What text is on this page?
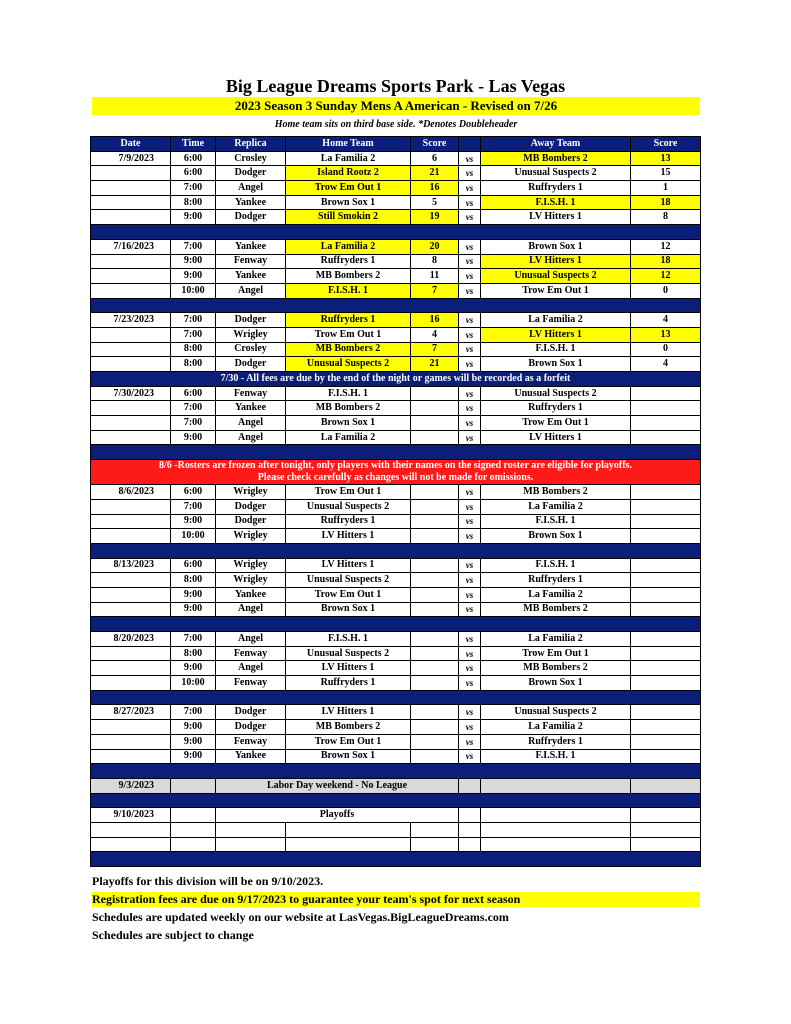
Big League Dreams Sports Park - Las Vegas
2023 Season 3 Sunday Mens A American - Revised on 7/26
Home team sits on third base side. *Denotes Doubleheader
Date	Time	Replica	Home Team	Score		Away Team	Score
7/9/2023	6:00	Crosley	La Familia 2	6	vs	MB Bombers 2	13
	6:00	Dodger	Island Rootz 2	21	vs	Unusual Suspects 2	15
	7:00	Angel	Trow Em Out 1	16	vs	Ruffryders 1	1
	8:00	Yankee	Brown Sox 1	5	vs	F.I.S.H. 1	18
	9:00	Dodger	Still Smokin 2	19	vs	LV Hitters 1	8

7/16/2023	7:00	Yankee	La Familia 2	20	vs	Brown Sox 1	12
	9:00	Fenway	Ruffryders 1	8	vs	LV Hitters 1	18
	9:00	Yankee	MB Bombers 2	11	vs	Unusual Suspects 2	12
	10:00	Angel	F.I.S.H. 1	7	vs	Trow Em Out 1	0

7/23/2023	7:00	Dodger	Ruffryders 1	16	vs	La Familia 2	4
	7:00	Wrigley	Trow Em Out 1	4	vs	LV Hitters 1	13
	8:00	Crosley	MB Bombers 2	7	vs	F.I.S.H. 1	0
	8:00	Dodger	Unusual Suspects 2	21	vs	Brown Sox 1	4
7/30 - All fees are due by the end of the night or games will be recorded as a forfeit							
7/30/2023	6:00	Fenway	F.I.S.H. 1		vs	Unusual Suspects 2	
	7:00	Yankee	MB Bombers 2		vs	Ruffryders 1	
	7:00	Angel	Brown Sox 1		vs	Trow Em Out 1	
	9:00	Angel	La Familia 2		vs	LV Hitters 1	

8/6 -Rosters are frozen after tonight, only players with their names on the signed roster are eligible for playoffs.
Please check carefully as changes will not be made for omissions.							

8/6/2023	6:00	Wrigley	Trow Em Out 1		vs	MB Bombers 2	
	7:00	Dodger	Unusual Suspects 2		vs	La Familia 2	
	9:00	Dodger	Ruffryders 1		vs	F.I.S.H. 1	
	10:00	Wrigley	LV Hitters 1		vs	Brown Sox 1	

8/13/2023	6:00	Wrigley	LV Hitters 1		vs	F.I.S.H. 1	
	8:00	Wrigley	Unusual Suspects 2		vs	Ruffryders 1	
	9:00	Yankee	Trow Em Out 1		vs	La Familia 2	
	9:00	Angel	Brown Sox 1		vs	MB Bombers 2	

8/20/2023	7:00	Angel	F.I.S.H. 1		vs	La Familia 2	
	8:00	Fenway	Unusual Suspects 2		vs	Trow Em Out 1	
	9:00	Angel	LV Hitters 1		vs	MB Bombers 2	
	10:00	Fenway	Ruffryders 1		vs	Brown Sox 1	

8/27/2023	7:00	Dodger	LV Hitters 1		vs	Unusual Suspects 2	
	9:00	Dodger	MB Bombers 2		vs	La Familia 2	
	9:00	Fenway	Trow Em Out 1		vs	Ruffryders 1	
	9:00	Yankee	Brown Sox 1		vs	F.I.S.H. 1	

9/3/2023		Labor Day weekend - No League					

9/10/2023		Playoffs					

Playoffs for this division will be on 9/10/2023.
Registration fees are due on 9/17/2023 to guarantee your team's spot for next season
Schedules are updated weekly on our website at LasVegas.BigLeagueDreams.com
Schedules are subject to change
